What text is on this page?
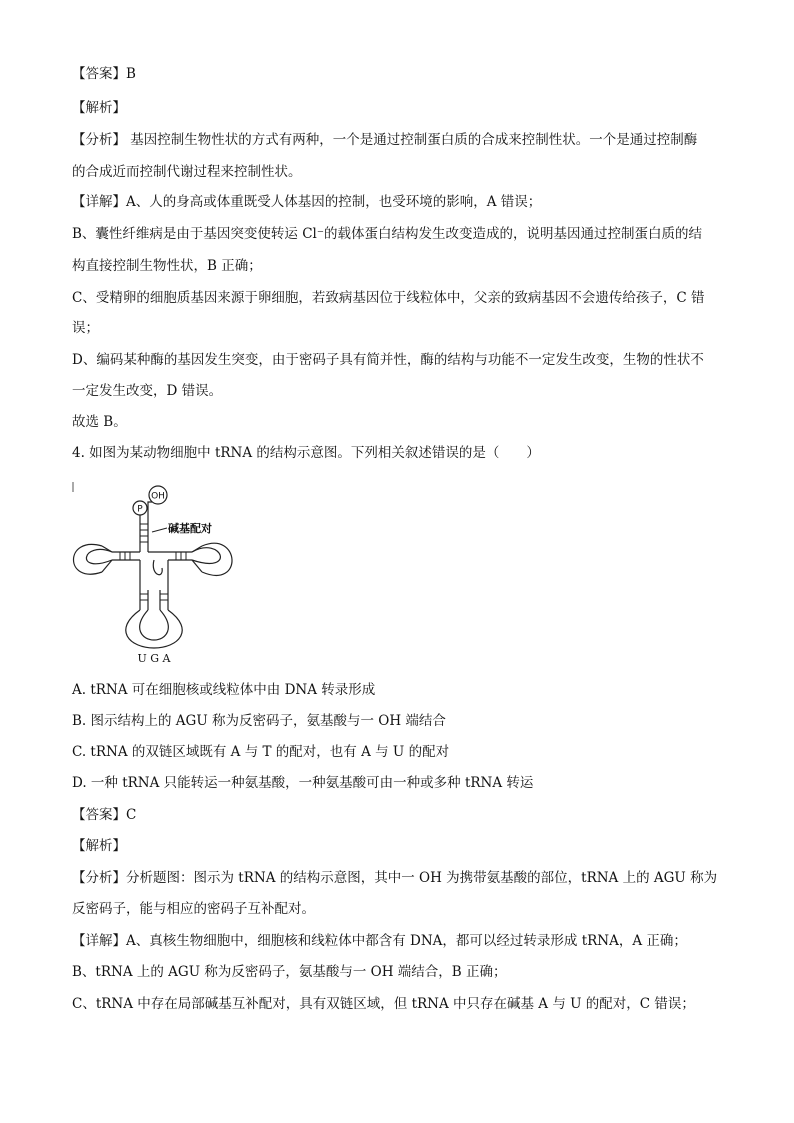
【答案】B
【解析】
【分析】 基因控制生物性状的方式有两种，一个是通过控制蛋白质的合成来控制性状。一个是通过控制酶
的合成近而控制代谢过程来控制性状。
【详解】A、人的身高或体重既受人体基因的控制，也受环境的影响，A 错误；
B、囊性纤维病是由于基因突变使转运 Cl⁻的载体蛋白结构发生改变造成的，说明基因通过控制蛋白质的结
构直接控制生物性状，B 正确；
C、受精卵的细胞质基因来源于卵细胞，若致病基因位于线粒体中，父亲的致病基因不会遗传给孩子，C 错
误；
D、编码某种酶的基因发生突变，由于密码子具有简并性，酶的结构与功能不一定发生改变，生物的性状不
一定发生改变，D 错误。
故选 B。
4. 如图为某动物细胞中 tRNA 的结构示意图。下列相关叙述错误的是（　　）
OH
P
碱基配对
U G A
A. tRNA 可在细胞核或线粒体中由 DNA 转录形成
B. 图示结构上的 AGU 称为反密码子，氨基酸与一 OH 端结合
C. tRNA 的双链区域既有 A 与 T 的配对，也有 A 与 U 的配对
D. 一种 tRNA 只能转运一种氨基酸，一种氨基酸可由一种或多种 tRNA 转运
【答案】C
【解析】
【分析】分析题图：图示为 tRNA 的结构示意图，其中一 OH 为携带氨基酸的部位，tRNA 上的 AGU 称为
反密码子，能与相应的密码子互补配对。
【详解】A、真核生物细胞中，细胞核和线粒体中都含有 DNA，都可以经过转录形成 tRNA，A 正确；
B、tRNA 上的 AGU 称为反密码子，氨基酸与一 OH 端结合，B 正确；
C、tRNA 中存在局部碱基互补配对，具有双链区域，但 tRNA 中只存在碱基 A 与 U 的配对，C 错误；
